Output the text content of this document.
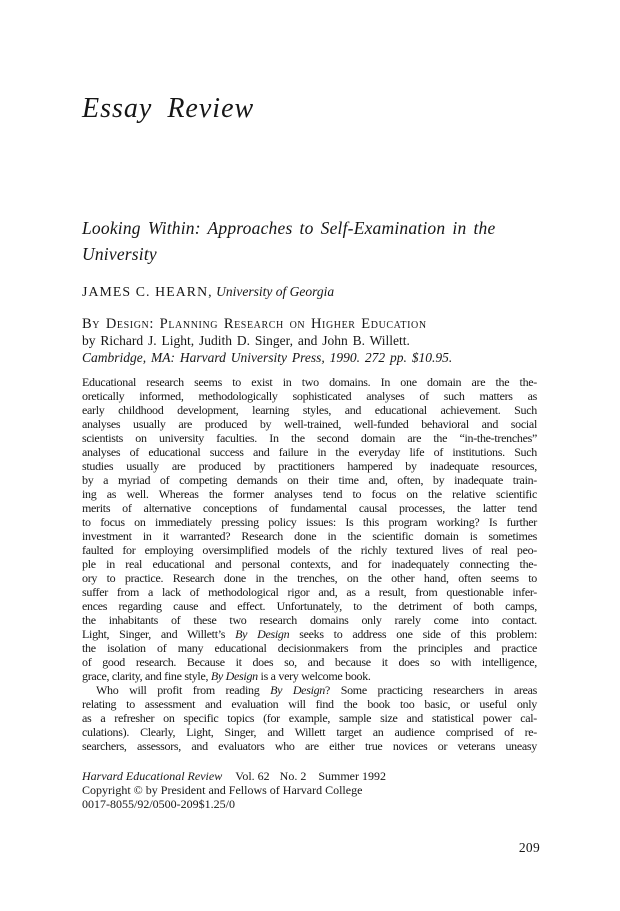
Essay Review
Looking Within: Approaches to Self-Examination in the University

JAMES C. HEARN, University of Georgia

By Design: Planning Research on Higher Education
by Richard J. Light, Judith D. Singer, and John B. Willett.
Cambridge, MA: Harvard University Press, 1990. 272 pp. $10.95.
Educational research seems to exist in two domains. In one domain are the the-
oretically informed, methodologically sophisticated analyses of such matters as
early childhood development, learning styles, and educational achievement. Such
analyses usually are produced by well-trained, well-funded behavioral and social
scientists on university faculties. In the second domain are the “in-the-trenches”
analyses of educational success and failure in the everyday life of institutions. Such
studies usually are produced by practitioners hampered by inadequate resources,
by a myriad of competing demands on their time and, often, by inadequate train-
ing as well. Whereas the former analyses tend to focus on the relative scientific
merits of alternative conceptions of fundamental causal processes, the latter tend
to focus on immediately pressing policy issues: Is this program working? Is further
investment in it warranted? Research done in the scientific domain is sometimes
faulted for employing oversimplified models of the richly textured lives of real peo-
ple in real educational and personal contexts, and for inadequately connecting the-
ory to practice. Research done in the trenches, on the other hand, often seems to
suffer from a lack of methodological rigor and, as a result, from questionable infer-
ences regarding cause and effect. Unfortunately, to the detriment of both camps,
the inhabitants of these two research domains only rarely come into contact.
Light, Singer, and Willett’s By Design seeks to address one side of this problem:
the isolation of many educational decisionmakers from the principles and practice
of good research. Because it does so, and because it does so with intelligence,
grace, clarity, and fine style, By Design is a very welcome book.
Who will profit from reading By Design? Some practicing researchers in areas
relating to assessment and evaluation will find the book too basic, or useful only
as a refresher on specific topics (for example, sample size and statistical power cal-
culations). Clearly, Light, Singer, and Willett target an audience comprised of re-
searchers, assessors, and evaluators who are either true novices or veterans uneasy
Harvard Educational Review Vol. 62 No. 2 Summer 1992
Copyright © by President and Fellows of Harvard College
0017-8055/92/0500-209$1.25/0
209
